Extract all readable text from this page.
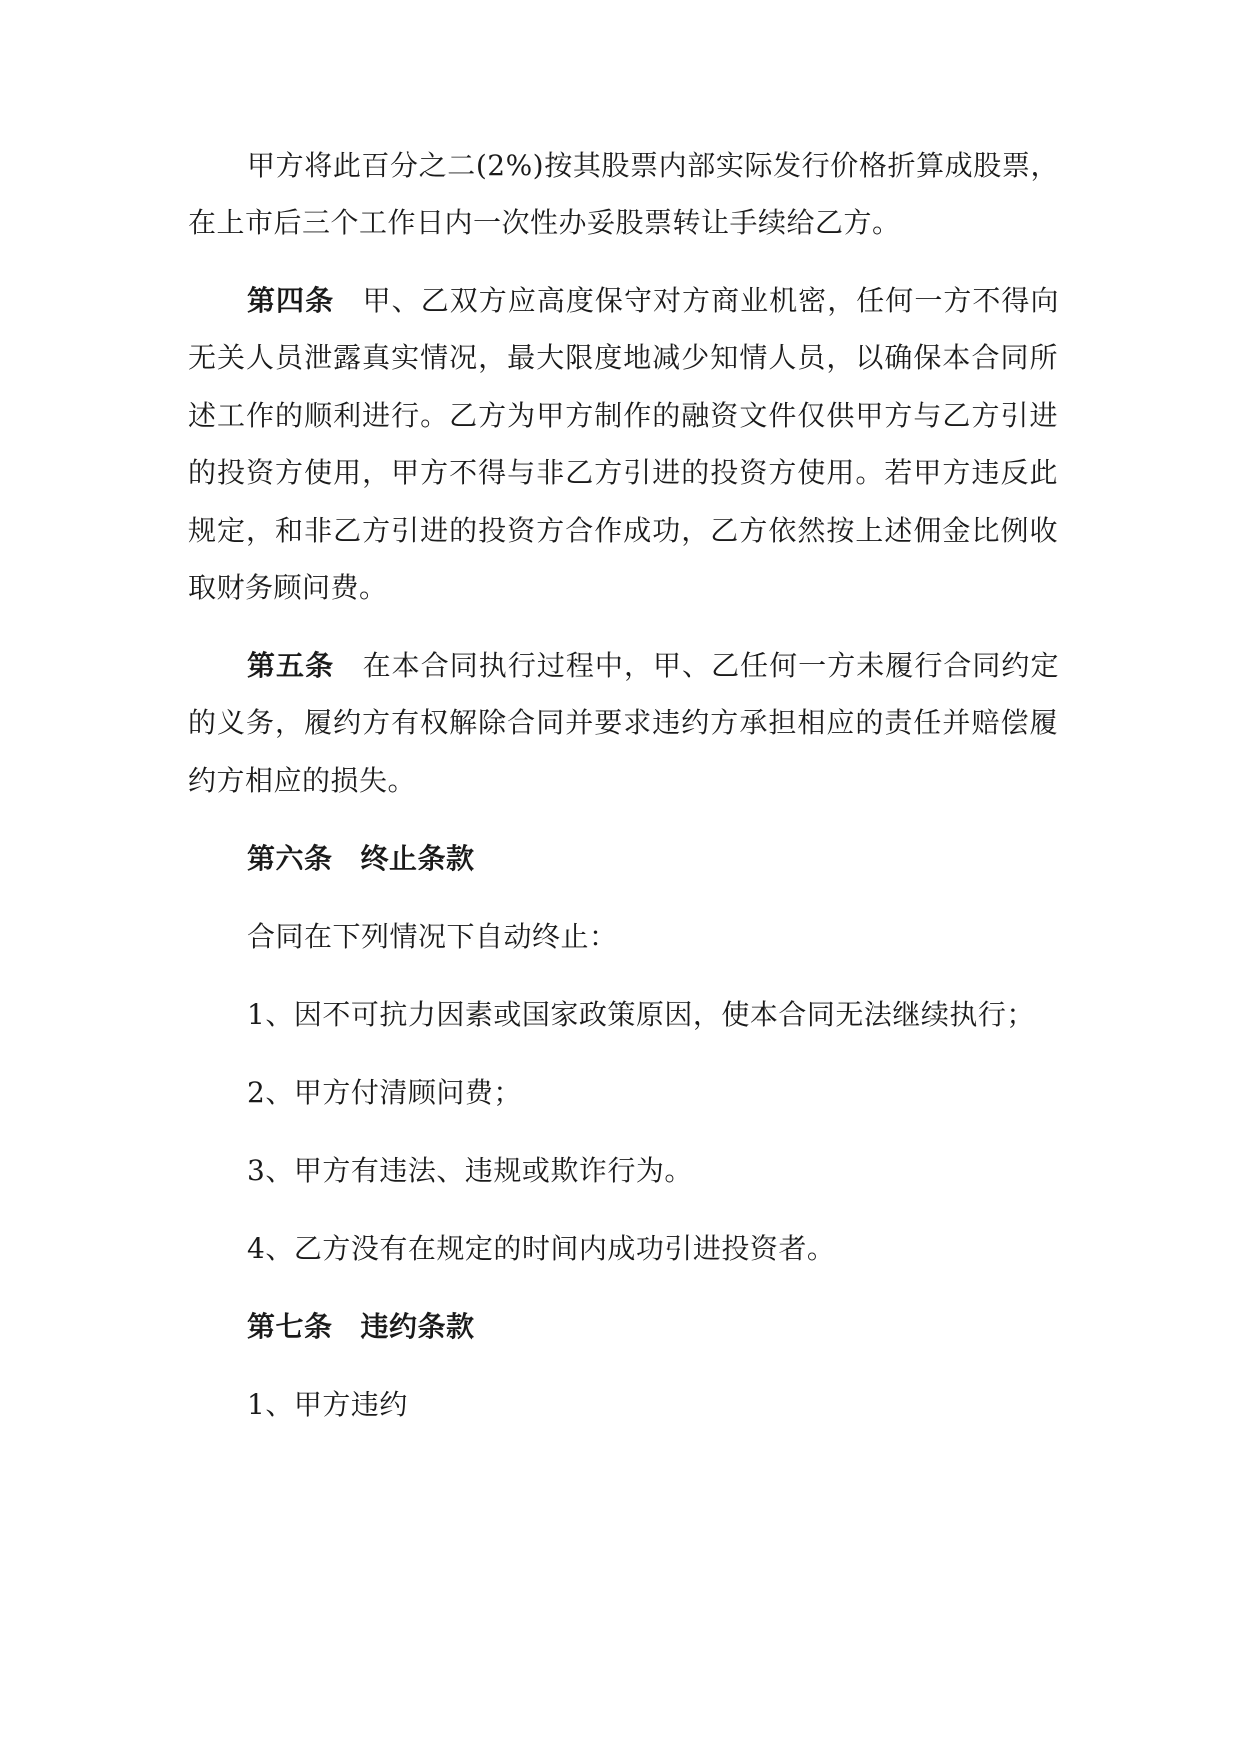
甲方将此百分之二(2%)按其股票内部实际发行价格折算成股票，
在上市后三个工作日内一次性办妥股票转让手续给乙方。
第四条 甲、乙双方应高度保守对方商业机密，任何一方不得向
无关人员泄露真实情况，最大限度地减少知情人员，以确保本合同所
述工作的顺利进行。乙方为甲方制作的融资文件仅供甲方与乙方引进
的投资方使用，甲方不得与非乙方引进的投资方使用。若甲方违反此
规定，和非乙方引进的投资方合作成功，乙方依然按上述佣金比例收
取财务顾问费。
第五条 在本合同执行过程中，甲、乙任何一方未履行合同约定
的义务，履约方有权解除合同并要求违约方承担相应的责任并赔偿履
约方相应的损失。
第六条 终止条款
合同在下列情况下自动终止：
1、因不可抗力因素或国家政策原因，使本合同无法继续执行；
2、甲方付清顾问费；
3、甲方有违法、违规或欺诈行为。
4、乙方没有在规定的时间内成功引进投资者。
第七条 违约条款
1、甲方违约
